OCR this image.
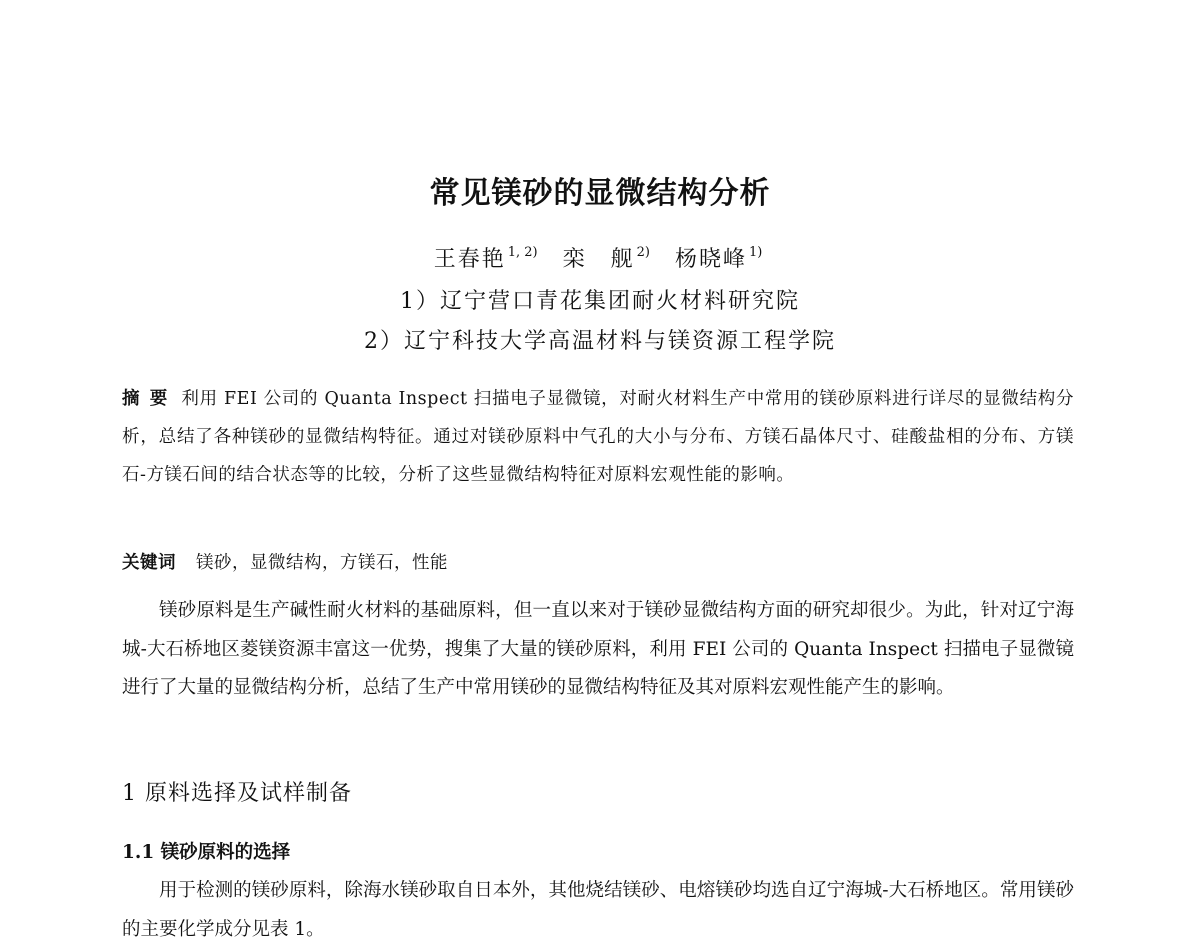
常见镁砂的显微结构分析
王春艳 $^{1, 2)}$ 栾　舰 $^{2)}$ 杨晓峰 $^{1)}$
1）辽宁营口青花集团耐火材料研究院
2）辽宁科技大学高温材料与镁资源工程学院
摘要 利用 FEI 公司的 Quanta Inspect 扫描电子显微镜，对耐火材料生产中常用的镁砂原料进行详尽的显微结构分析，总结了各种镁砂的显微结构特征。通过对镁砂原料中气孔的大小与分布、方镁石晶体尺寸、硅酸盐相的分布、方镁石-方镁石间的结合状态等的比较，分析了这些显微结构特征对原料宏观性能的影响。
关键词 镁砂，显微结构，方镁石，性能
镁砂原料是生产碱性耐火材料的基础原料，但一直以来对于镁砂显微结构方面的研究却很少。为此，针对辽宁海城-大石桥地区菱镁资源丰富这一优势，搜集了大量的镁砂原料，利用 FEI 公司的 Quanta Inspect 扫描电子显微镜进行了大量的显微结构分析，总结了生产中常用镁砂的显微结构特征及其对原料宏观性能产生的影响。
1 原料选择及试样制备
1.1 镁砂原料的选择
用于检测的镁砂原料，除海水镁砂取自日本外，其他烧结镁砂、电熔镁砂均选自辽宁海城-大石桥地区。常用镁砂的主要化学成分见表 1。
